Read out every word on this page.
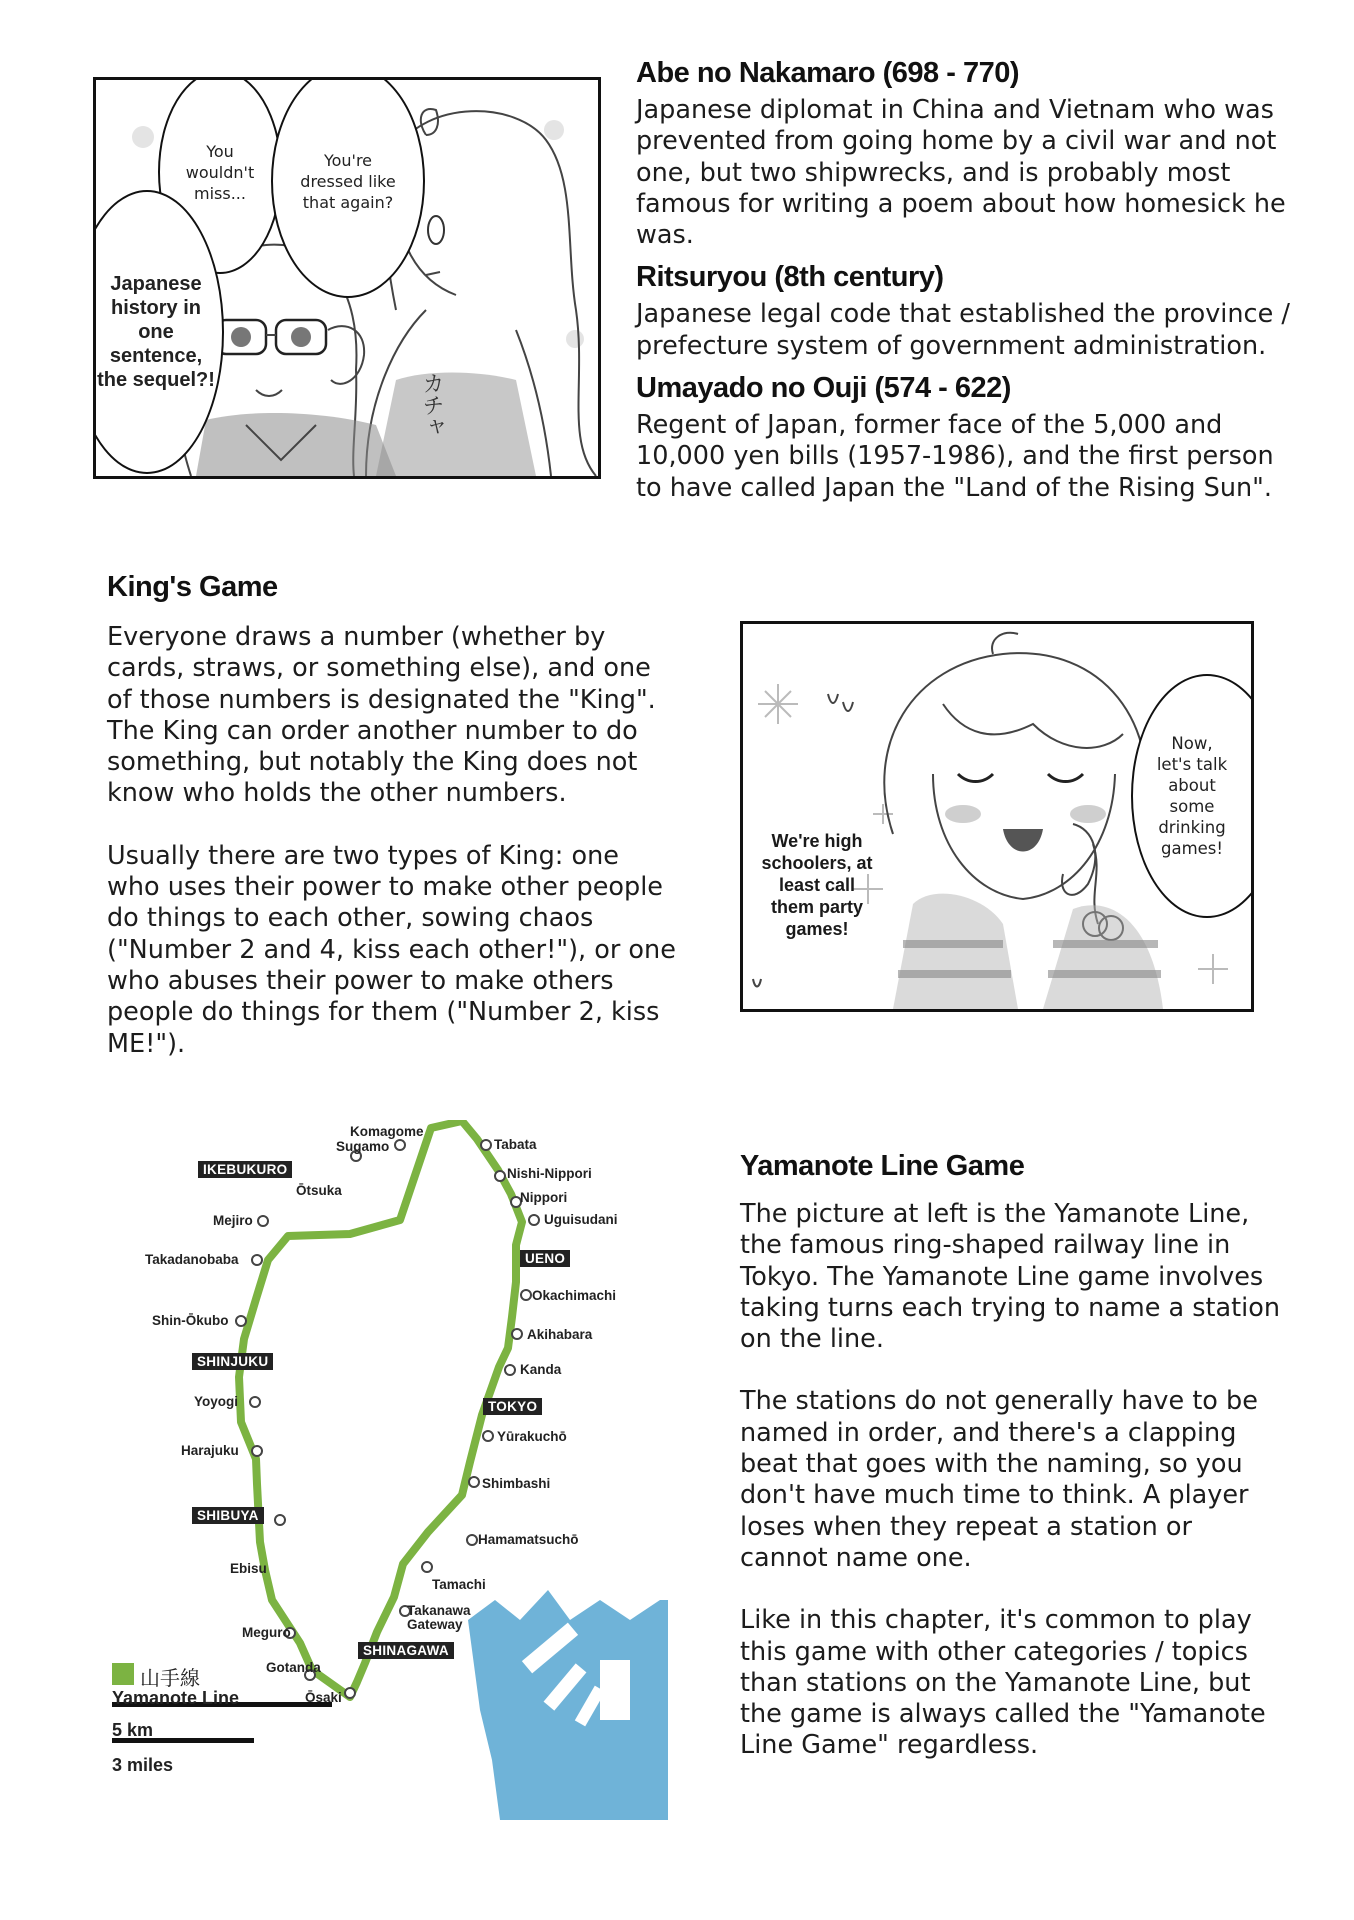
You wouldn't miss...
You're dressed like that again?
Japanese history in one sentence, the sequel?!	カチャ
Abe no Nakamaro (698 - 770)

Japanese diplomat in China and Vietnam who was prevented from going home by a civil war and not one, but two shipwrecks, and is probably most famous for writing a poem about how homesick he was.

Ritsuryou (8th century)

Japanese legal code that established the province / prefecture system of government administration.

Umayado no Ouji (574 - 622)

Regent of Japan, former face of the 5,000 and 10,000 yen bills (1957-1986), and the first person to have called Japan the "Land of the Rising Sun".

King's Game

Everyone draws a number (whether by cards, straws, or something else), and one of those numbers is designated the "King". The King can order another number to do something, but notably the King does not know who holds the other numbers.

Usually there are two types of King: one who uses their power to make other people do things to each other, sowing chaos ("Number 2 and 4, kiss each other!"), or one who abuses their power to make others people do things for them ("Number 2, kiss ME!").

Now, let's talk about some drinking games!
We're high schoolers, at least call them party games!
Komagome
Sugamo	Tabata
Nishi-Nippori
IKEBUKURO
Ōtsuka	Nippori
Uguisudani
Mejiro
UENO
Takadanobaba
Okachimachi
Shin-Ōkubo
Akihabara
SHINJUKU
Kanda
Yoyogi	TOKYO
Yūrakuchō
Harajuku
Shimbashi
SHIBUYA
Hamamatsuchō
Ebisu
Tamachi
Takanawa Gateway
Meguro
SHINAGAWA
Gotanda
Ōsaki
山手線
Yamanote Line
5 km
3 miles
Yamanote Line Game

The picture at left is the Yamanote Line, the famous ring-shaped railway line in Tokyo. The Yamanote Line game involves taking turns each trying to name a station on the line.

The stations do not generally have to be named in order, and there's a clapping beat that goes with the naming, so you don't have much time to think. A player loses when they repeat a station or cannot name one.

Like in this chapter, it's common to play this game with other categories / topics than stations on the Yamanote Line, but the game is always called the "Yamanote Line Game" regardless.
